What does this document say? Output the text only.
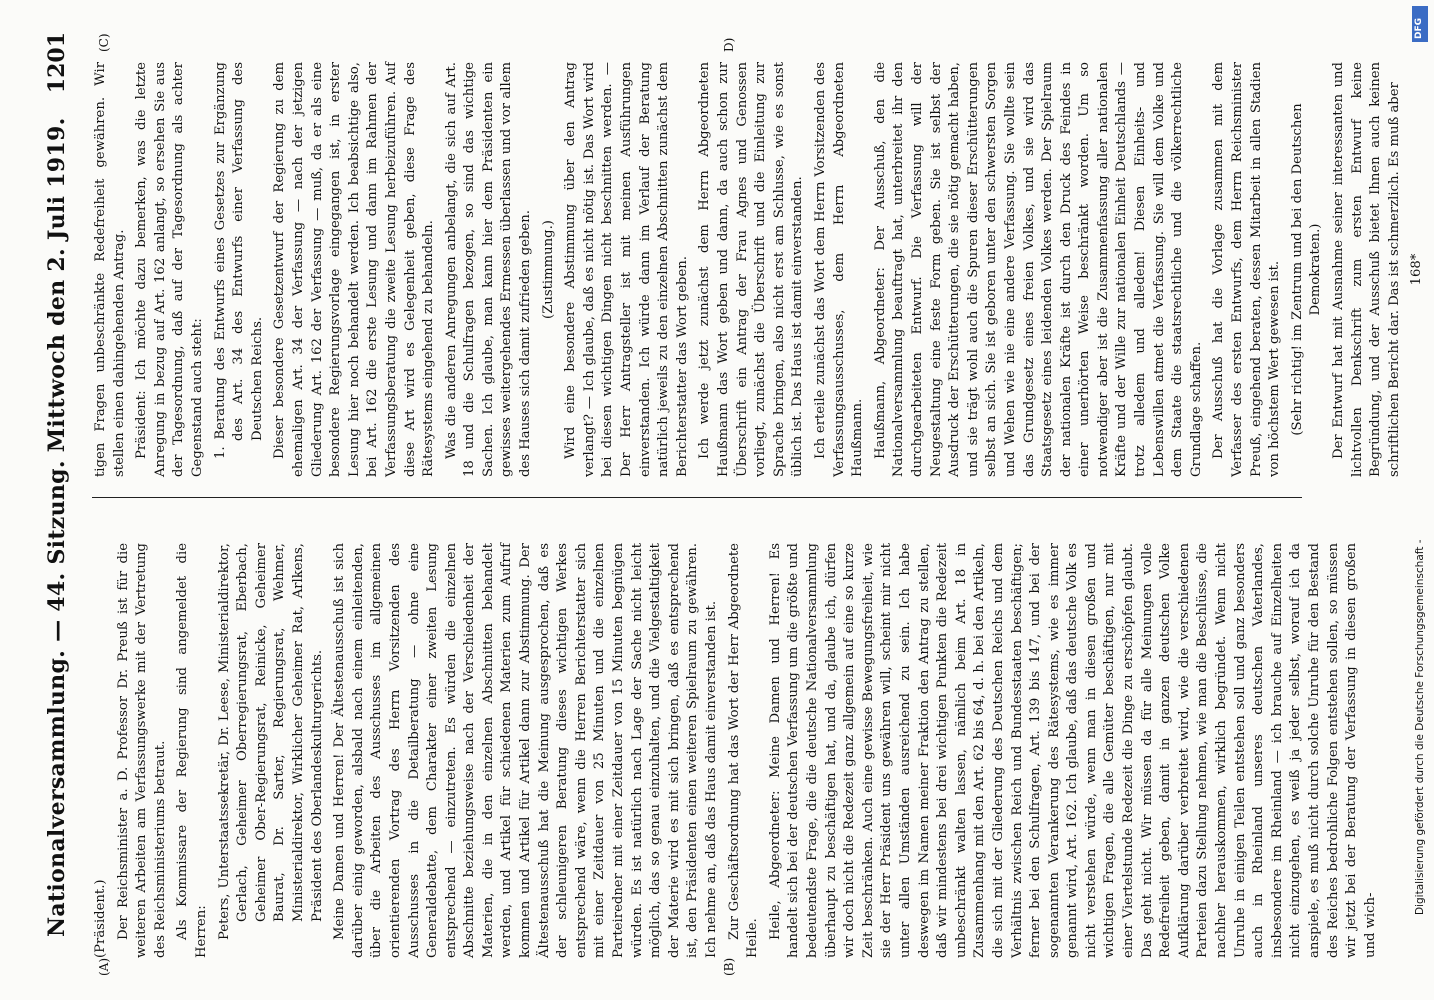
Nationalversammlung. — 44. Sitzung. Mittwoch den 2. Juli 1919.
1201
(A)	(B)
(C)	D)

(Präsident.) Der Reichsminister a. D. Professor Dr. Preuß ist für die weiteren Arbeiten am Verfassungswerke mit der Vertretung des Reichsministeriums betraut. Als Kommissare der Regierung sind angemeldet die Herren: Peters, Unterstaatssekretär, Dr. Leese, Ministerialdirektor, Gerlach, Geheimer Oberregierungsrat, Eberbach, Geheimer Ober-Regierungsrat, Reinicke, Geheimer Baurat, Dr. Sarter, Regierungsrat, Wehmer, Ministerialdirektor, Wirklicher Geheimer Rat, Arlkens, Präsident des Oberlandeskulturgerichts. Meine Damen und Herren! Der Ältestenausschuß ist sich darüber einig geworden, alsbald nach einem einleitenden, über die Arbeiten des Ausschusses im allgemeinen orientierenden Vortrag des Herrn Vorsitzenden des Ausschusses in die Detailberatung — ohne eine Generaldebatte, dem Charakter einer zweiten Lesung entsprechend — einzutreten. Es würden die einzelnen Abschnitte beziehungsweise nach der Verschiedenheit der Materien, die in den einzelnen Abschnitten behandelt werden, und Artikel für schiedenen Materien zum Aufruf kommen und Artikel für Artikel dann zur Abstimmung. Der Ältestenausschuß hat die Meinung ausgesprochen, daß es der schleunigeren Beratung dieses wichtigen Werkes entsprechend wäre, wenn die Herren Berichterstatter sich mit einer Zeitdauer von 25 Minuten und die einzelnen Parteiredner mit einer Zeitdauer von 15 Minuten begnügen würden. Es ist natürlich nach Lage der Sache nicht leicht möglich, das so genau einzuhalten, und die Vielgestaltigkeit der Materie wird es mit sich bringen, daß es entsprechend ist, den Präsidenten einen weiteren Spielraum zu gewähren. Ich nehme an, daß das Haus damit einverstanden ist. Zur Geschäftsordnung hat das Wort der Herr Abgeordnete Heile. Heile, Abgeordneter: Meine Damen und Herren! Es handelt sich bei der deutschen Verfassung um die größte und bedeutendste Frage, die die deutsche Nationalversammlung überhaupt zu beschäftigen hat, und da, glaube ich, dürfen wir doch nicht die Redezeit ganz allgemein auf eine so kurze Zeit beschränken. Auch eine gewisse Bewegungsfreiheit, wie sie der Herr Präsident uns gewähren will, scheint mir nicht unter allen Umständen ausreichend zu sein. Ich habe deswegen im Namen meiner Fraktion den Antrag zu stellen, daß wir mindestens bei drei wichtigen Punkten die Redezeit unbeschränkt walten lassen, nämlich beim Art. 18 in Zusammenhang mit den Art. 62 bis 64, d. h. bei den Artikeln, die sich mit der Gliederung des Deutschen Reichs und dem Verhältnis zwischen Reich und Bundesstaaten beschäftigen; ferner bei den Schulfragen, Art. 139 bis 147, und bei der sogenannten Verankerung des Rätesystems, wie es immer genannt wird, Art. 162. Ich glaube, daß das deutsche Volk es nicht verstehen würde, wenn man in diesen großen und wichtigen Fragen, die alle Gemüter beschäftigen, nur mit einer Viertelstunde Redezeit die Dinge zu erschöpfen glaubt. Das geht nicht. Wir müssen da für alle Meinungen volle Redefreiheit geben, damit in ganzen deutschen Volke Aufklärung darüber verbreitet wird, wie die verschiedenen Parteien dazu Stellung nehmen, wie man die Beschlüsse, die nachher herauskommen, wirklich begründet. Wenn nicht Unruhe in einigen Teilen entstehen soll und ganz besonders auch in Rheinland unseres deutschen Vaterlandes, insbesondere im Rheinland — ich brauche auf Einzelheiten nicht einzugehen, es weiß ja jeder selbst, worauf ich da anspiele, es muß nicht durch solche Unruhe für den Bestand des Reiches bedrohliche Folgen entstehen sollen, so müssen wir jetzt bei der Beratung der Verfassung in diesen großen und wich-

tigen Fragen unbeschränkte Redefreiheit gewähren. Wir stellen einen dahingehenden Antrag. Präsident: Ich möchte dazu bemerken, was die letzte Anregung in bezug auf Art. 162 anlangt, so ersehen Sie aus der Tagesordnung, daß auf der Tagesordnung als achter Gegenstand auch steht: 1. Beratung des Entwurfs eines Gesetzes zur Ergänzung des Art. 34 des Entwurfs einer Verfassung des Deutschen Reichs. Dieser besondere Gesetzentwurf der Regierung zu dem ehemaligen Art. 34 der Verfassung — nach der jetzigen Gliederung Art. 162 der Verfassung — muß, da er als eine besondere Regierungsvorlage eingegangen ist, in erster Lesung hier noch behandelt werden. Ich beabsichtige also, bei Art. 162 die erste Lesung und dann im Rahmen der Verfassungsberatung die zweite Lesung herbeizuführen. Auf diese Art wird es Gelegenheit geben, diese Frage des Rätesystems eingehend zu behandeln. Was die anderen Anregungen anbelangt, die sich auf Art. 18 und die Schulfragen bezogen, so sind das wichtige Sachen. Ich glaube, man kann hier dem Präsidenten ein gewisses weitergehendes Ermessen überlassen und vor allem des Hauses sich damit zufrieden geben. (Zustimmung.) Wird eine besondere Abstimmung über den Antrag verlangt? — Ich glaube, daß es nicht nötig ist. Das Wort wird bei diesen wichtigen Dingen nicht beschnitten werden. — Der Herr Antragsteller ist mit meinen Ausführungen einverstanden. Ich würde dann im Verlauf der Beratung natürlich jeweils zu den einzelnen Abschnitten zunächst dem Berichterstatter das Wort geben. Ich werde jetzt zunächst dem Herrn Abgeordneten Haußmann das Wort geben und dann, da auch schon zur Überschrift ein Antrag der Frau Agnes und Genossen vorliegt, zunächst die Überschrift und die Einleitung zur Sprache bringen, also nicht erst am Schlusse, wie es sonst üblich ist. Das Haus ist damit einverstanden. Ich erteile zunächst das Wort dem Herrn Vorsitzenden des Verfassungsausschusses, dem Herrn Abgeordneten Haußmann. Haußmann, Abgeordneter: Der Ausschuß, den die Nationalversammlung beauftragt hat, unterbreitet ihr den durchgearbeiteten Entwurf. Die Verfassung will der Neugestaltung eine feste Form geben. Sie ist selbst der Ausdruck der Erschütterungen, die sie nötig gemacht haben, und sie trägt wohl auch die Spuren dieser Erschütterungen selbst an sich. Sie ist geboren unter den schwersten Sorgen und Wehen wie nie eine andere Verfassung. Sie wollte sein das Grundgesetz eines freien Volkes, und sie wird das Staatsgesetz eines leidenden Volkes werden. Der Spielraum der nationalen Kräfte ist durch den Druck des Feindes in einer unerhörten Weise beschränkt worden. Um so notwendiger aber ist die Zusammenfassung aller nationalen Kräfte und der Wille zur nationalen Einheit Deutschlands — trotz alledem und alledem! Diesen Einheits- und Lebenswillen atmet die Verfassung. Sie will dem Volke und dem Staate die staatsrechtliche und die völkerrechtliche Grundlage schaffen. Der Ausschuß hat die Vorlage zusammen mit dem Verfasser des ersten Entwurfs, dem Herrn Reichsminister Preuß, eingehend beraten, dessen Mitarbeit in allen Stadien von höchstem Wert gewesen ist. (Sehr richtig! im Zentrum und bei den Deutschen Demokraten.) Der Entwurf hat mit Ausnahme seiner interessanten und lichtvollen Denkschrift zum ersten Entwurf keine Begründung, und der Ausschuß bietet Ihnen auch keinen schriftlichen Bericht dar. Das ist schmerzlich. Es muß aber 168*

Digitalisierung gefördert durch die Deutsche Forschungsgemeinschaft -
DFG
